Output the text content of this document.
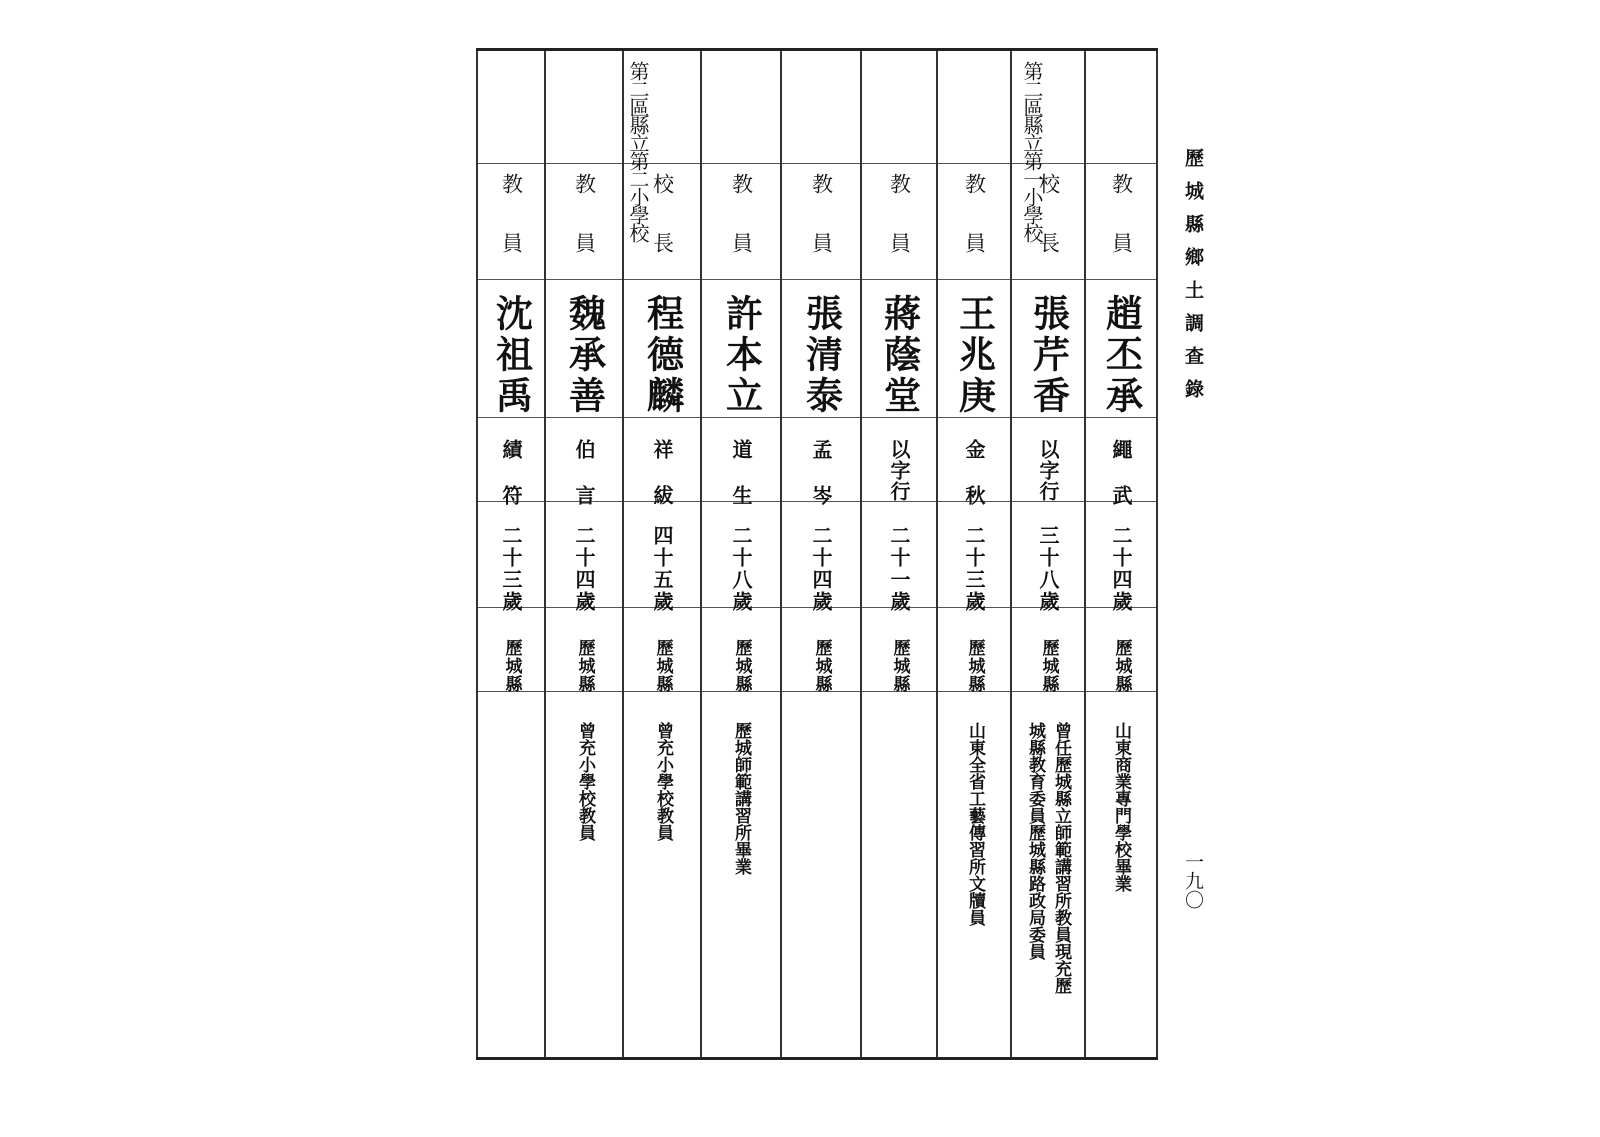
教員
趙丕承
繩武
二十四歲
歷城縣
山東商業專門學校畢業
第二區縣立第一小學校
校長
張芹香
以字行
三十八歲
歷城縣
曾任歷城縣立師範講習所教員現充歷
城縣教育委員歷城縣路政局委員
教員
王兆庚
金秋
二十三歲
歷城縣
山東全省工藝傳習所文牘員
教員
蔣蔭堂
以字行
二十一歲
歷城縣
教員
張清泰
孟岑
二十四歲
歷城縣
教員
許本立
道生
二十八歲
歷城縣
歷城師範講習所畢業
第二區縣立第二小學校 校長
程德麟
祥紱
四十五歲
歷城縣
曾充小學校教員
教員
魏承善
伯言
二十四歲
歷城縣
曾充小學校教員
教員
沈祖禹
績符
二十三歲
歷城縣
歷城縣鄉土調查錄
一九〇
